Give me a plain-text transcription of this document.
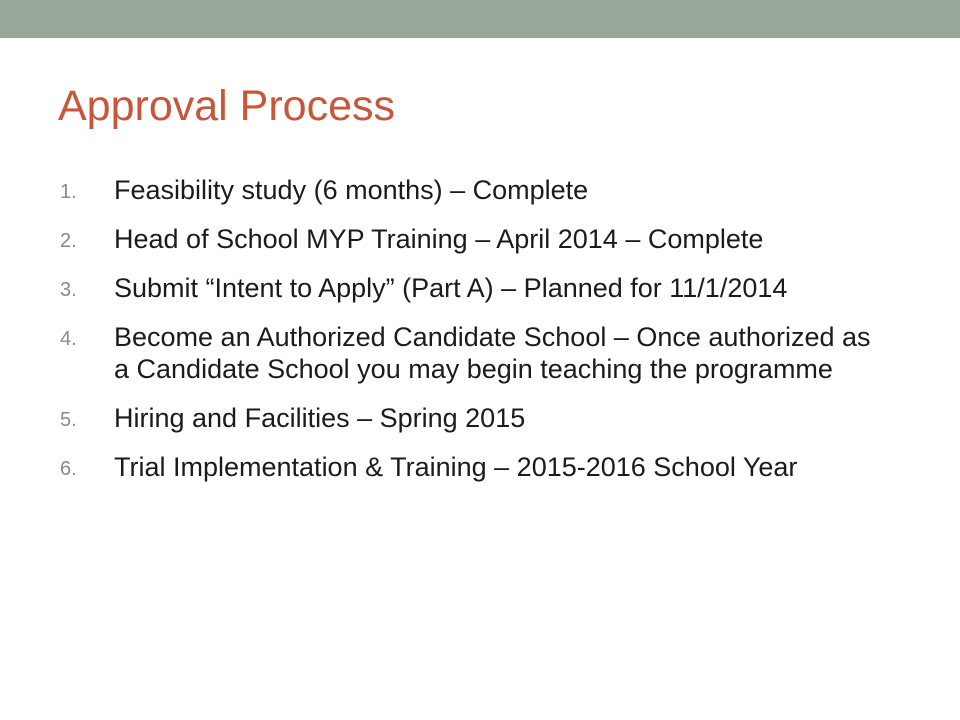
Approval Process
1. Feasibility study (6 months) – Complete
2. Head of School MYP Training – April 2014 – Complete
3. Submit “Intent to Apply” (Part A) – Planned for 11/1/2014
4. Become an Authorized Candidate School – Once authorized as a Candidate School you may begin teaching the programme
5. Hiring and Facilities – Spring 2015
6. Trial Implementation & Training – 2015-2016 School Year
